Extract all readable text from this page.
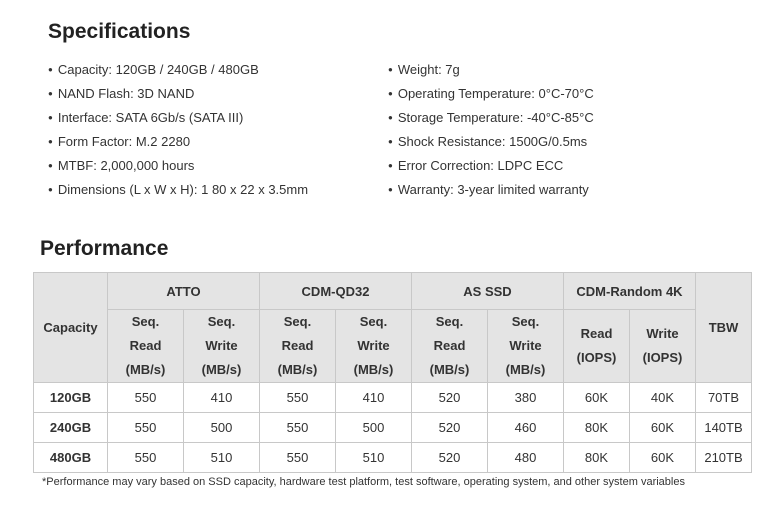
Specifications
● Capacity: 120GB / 240GB / 480GB
● NAND Flash: 3D NAND
● Interface: SATA 6Gb/s (SATA III)
● Form Factor: M.2 2280
● MTBF: 2,000,000 hours
● Dimensions (L x W x H): 1 80 x 22 x 3.5mm
● Weight: 7g
● Operating Temperature: 0°C-70°C
● Storage Temperature: -40°C-85°C
● Shock Resistance: 1500G/0.5ms
● Error Correction: LDPC ECC
● Warranty: 3-year limited warranty
Performance
Capacity	ATTO		CDM-QD32		AS SSD		CDM-Random 4K		TBW
	Seq.
Read
(MB/s)	Seq.
Write
(MB/s)	Seq.
Read
(MB/s)	Seq.
Write
(MB/s)	Seq.
Read
(MB/s)	Seq.
Write
(MB/s)	Read
(IOPS)	Write
(IOPS)	
120GB	550	410	550	410	520	380	60K	40K	70TB
240GB	550	500	550	500	520	460	80K	60K	140TB
480GB	550	510	550	510	520	480	80K	60K	210TB

*Performance may vary based on SSD capacity, hardware test platform, test software, operating system, and other system variables
